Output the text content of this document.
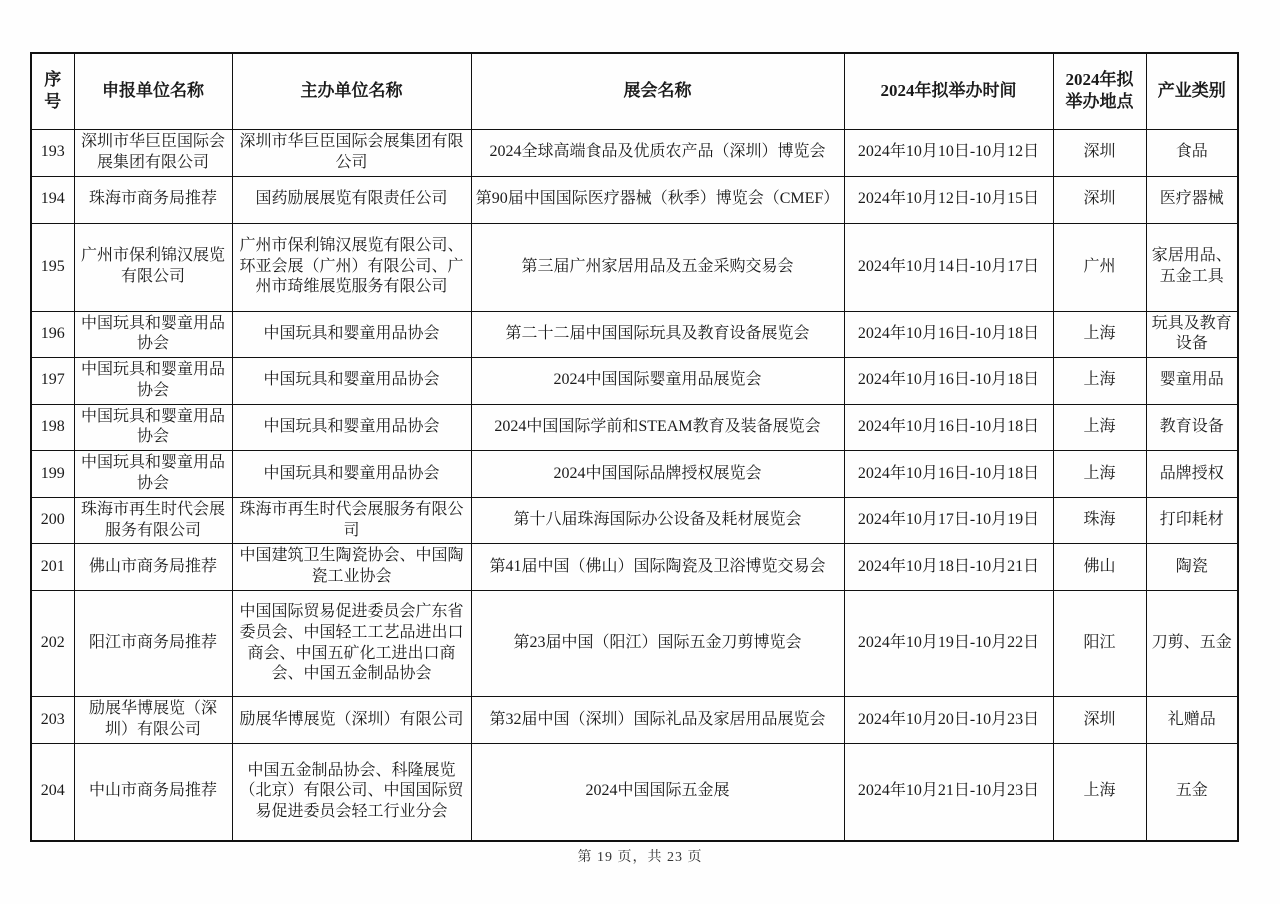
序号	申报单位名称	主办单位名称	展会名称	2024年拟举办时间	2024年拟举办地点	产业类别
193	深圳市华巨臣国际会展集团有限公司	深圳市华巨臣国际会展集团有限公司	2024全球高端食品及优质农产品（深圳）博览会	2024年10月10日-10月12日	深圳	食品
194	珠海市商务局推荐	国药励展展览有限责任公司	第90届中国国际医疗器械（秋季）博览会（CMEF）	2024年10月12日-10月15日	深圳	医疗器械
195	广州市保利锦汉展览有限公司	广州市保利锦汉展览有限公司、环亚会展（广州）有限公司、广州市琦维展览服务有限公司	第三届广州家居用品及五金采购交易会	2024年10月14日-10月17日	广州	家居用品、五金工具
196	中国玩具和婴童用品协会	中国玩具和婴童用品协会	第二十二届中国国际玩具及教育设备展览会	2024年10月16日-10月18日	上海	玩具及教育设备
197	中国玩具和婴童用品协会	中国玩具和婴童用品协会	2024中国国际婴童用品展览会	2024年10月16日-10月18日	上海	婴童用品
198	中国玩具和婴童用品协会	中国玩具和婴童用品协会	2024中国国际学前和STEAM教育及装备展览会	2024年10月16日-10月18日	上海	教育设备
199	中国玩具和婴童用品协会	中国玩具和婴童用品协会	2024中国国际品牌授权展览会	2024年10月16日-10月18日	上海	品牌授权
200	珠海市再生时代会展服务有限公司	珠海市再生时代会展服务有限公司	第十八届珠海国际办公设备及耗材展览会	2024年10月17日-10月19日	珠海	打印耗材
201	佛山市商务局推荐	中国建筑卫生陶瓷协会、中国陶瓷工业协会	第41届中国（佛山）国际陶瓷及卫浴博览交易会	2024年10月18日-10月21日	佛山	陶瓷
202	阳江市商务局推荐	中国国际贸易促进委员会广东省委员会、中国轻工工艺品进出口商会、中国五矿化工进出口商会、中国五金制品协会	第23届中国（阳江）国际五金刀剪博览会	2024年10月19日-10月22日	阳江	刀剪、五金
203	励展华博展览（深圳）有限公司	励展华博展览（深圳）有限公司	第32届中国（深圳）国际礼品及家居用品展览会	2024年10月20日-10月23日	深圳	礼赠品
204	中山市商务局推荐	中国五金制品协会、科隆展览（北京）有限公司、中国国际贸易促进委员会轻工行业分会	2024中国国际五金展	2024年10月21日-10月23日	上海	五金
第 19 页，共 23 页
